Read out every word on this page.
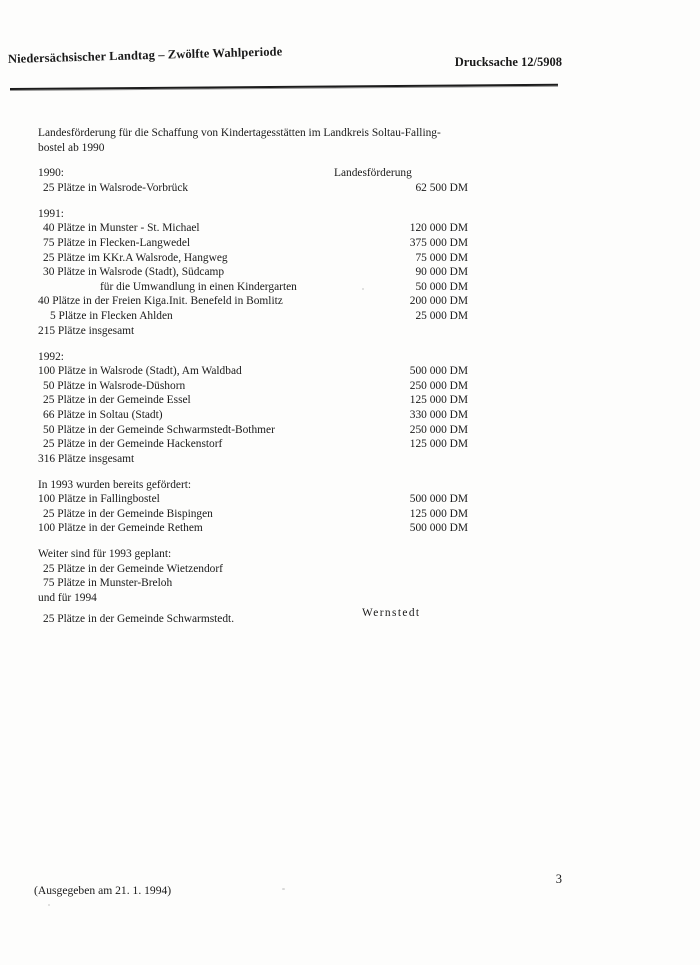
Niedersächsischer Landtag – Zwölfte Wahlperiode	Drucksache 12/5908
Landesförderung für die Schaffung von Kindertagesstätten im Landkreis Soltau-Falling-
bostel ab 1990
1990:	Landesförderung
25 Plätze in Walsrode-Vorbrück	62 500 DM
1991:
40 Plätze in Munster - St. Michael	120 000 DM
75 Plätze in Flecken-Langwedel	375 000 DM
25 Plätze im KKr.A Walsrode, Hangweg	75 000 DM
30 Plätze in Walsrode (Stadt), Südcamp	90 000 DM
für die Umwandlung in einen Kindergarten	50 000 DM
40 Plätze in der Freien Kiga.Init. Benefeld in Bomlitz	200 000 DM
5 Plätze in Flecken Ahlden	25 000 DM
215 Plätze insgesamt
1992:
100 Plätze in Walsrode (Stadt), Am Waldbad	500 000 DM
50 Plätze in Walsrode-Düshorn	250 000 DM
25 Plätze in der Gemeinde Essel	125 000 DM
66 Plätze in Soltau (Stadt)	330 000 DM
50 Plätze in der Gemeinde Schwarmstedt-Bothmer	250 000 DM
25 Plätze in der Gemeinde Hackenstorf	125 000 DM
316 Plätze insgesamt
In 1993 wurden bereits gefördert:
100 Plätze in Fallingbostel	500 000 DM
25 Plätze in der Gemeinde Bispingen	125 000 DM
100 Plätze in der Gemeinde Rethem	500 000 DM
Weiter sind für 1993 geplant:
25 Plätze in der Gemeinde Wietzendorf
75 Plätze in Munster-Breloh
und für 1994
25 Plätze in der Gemeinde Schwarmstedt.
Wernstedt
(Ausgegeben am 21. 1. 1994)
3
